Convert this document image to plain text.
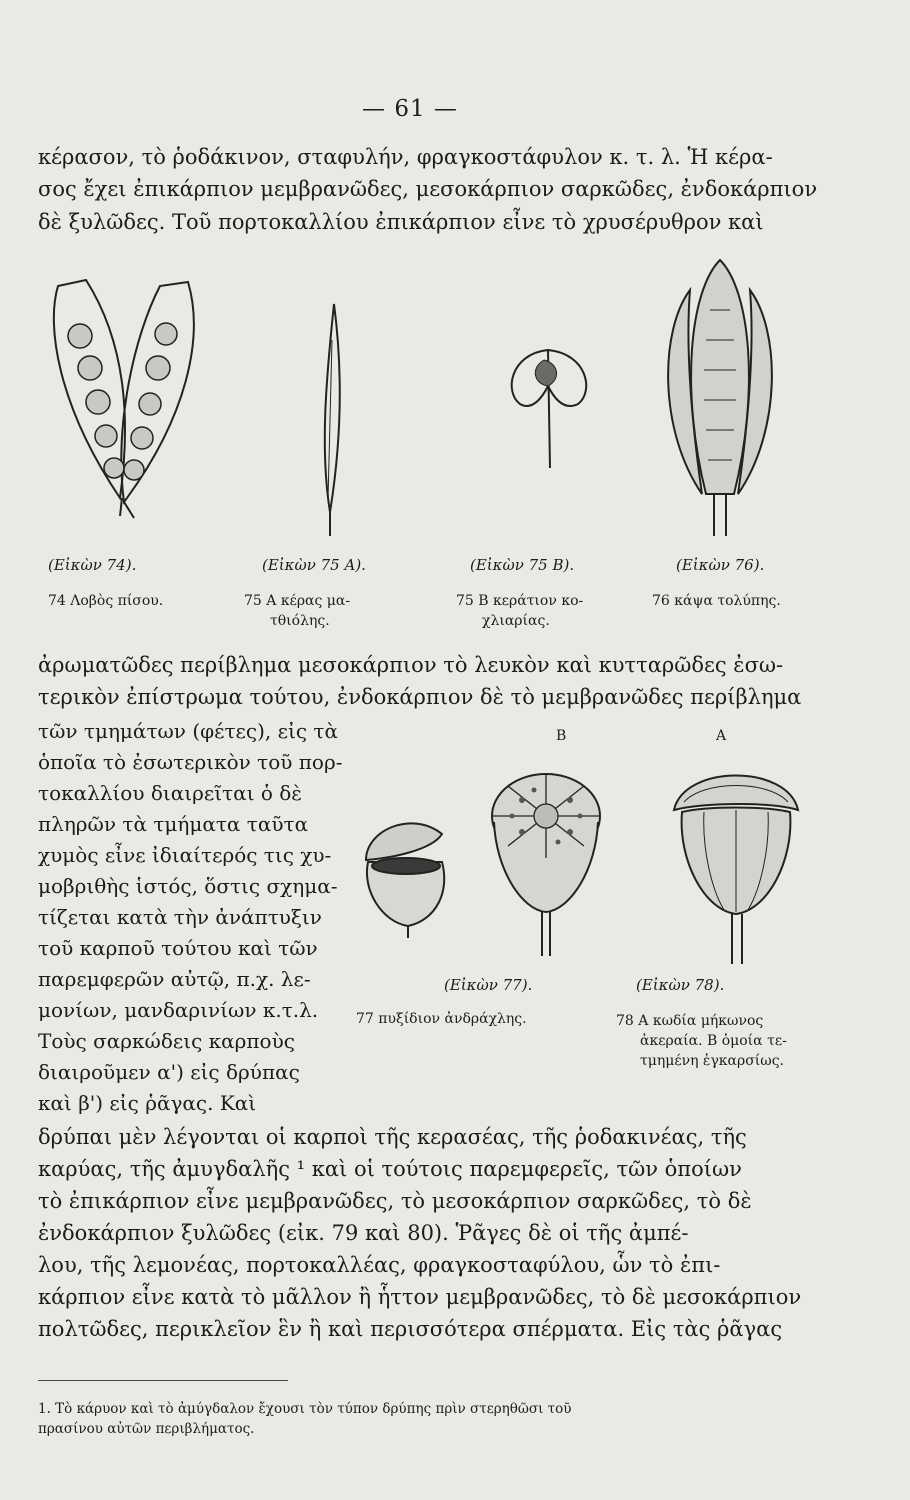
— 61 —
κέρασον, τὸ ῥοδάκινον, σταφυλήν, φραγκοστάφυλον κ. τ. λ. Ἡ κέρα-
σος ἔχει ἐπικάρπιον μεμβρανῶδες, μεσοκάρπιον σαρκῶδες, ἐνδοκάρπιον
δὲ ξυλῶδες. Τοῦ πορτοκαλλίου ἐπικάρπιον εἶνε τὸ χρυσέρυθρον καὶ
(Εἰκὼν 74).
74 Λοβὸς πίσου.
(Εἰκὼν 75 Α).
75 Α κέρας μα-
τθιόλης.
(Εἰκὼν 75 Β).
75 Β κεράτιον κο-
χλιαρίας.
(Εἰκὼν 76).
76 κάψα τολύπης.
ἀρωματῶδες περίβλημα μεσοκάρπιον τὸ λευκὸν καὶ κυτταρῶδες ἐσω-
τερικὸν ἐπίστρωμα τούτου, ἐνδοκάρπιον δὲ τὸ μεμβρανῶδες περίβλημα
τῶν τμημάτων (φέτες), εἰς τὰ
ὁποῖα τὸ ἐσωτερικὸν τοῦ πορ-
τοκαλλίου διαιρεῖται ὁ δὲ
πληρῶν τὰ τμήματα ταῦτα
χυμὸς εἶνε ἰδιαίτερός τις χυ-
μοβριθὴς ἱστός, ὅστις σχημα-
τίζεται κατὰ τὴν ἀνάπτυξιν
τοῦ καρποῦ τούτου καὶ τῶν
παρεμφερῶν αὐτῷ, π.χ. λε-
μονίων, μανδαρινίων κ.τ.λ.
Τοὺς σαρκώδεις καρποὺς
διαιροῦμεν α') εἰς δρύπας
καὶ β') εἰς ῥᾶγας. Καὶ
Β	Α
(Εἰκὼν 77).
77 πυξίδιον ἀνδράχλης.
(Εἰκὼν 78).
78 Α κωδία μήκωνος
ἀκεραία. Β ὁμοία τε-
τμημένη ἐγκαρσίως.
δρύπαι μὲν λέγονται οἱ καρποὶ τῆς κερασέας, τῆς ῥοδακινέας, τῆς
καρύας, τῆς ἀμυγδαλῆς ¹ καὶ οἱ τούτοις παρεμφερεῖς, τῶν ὁποίων
τὸ ἐπικάρπιον εἶνε μεμβρανῶδες, τὸ μεσοκάρπιον σαρκῶδες, τὸ δὲ
ἐνδοκάρπιον ξυλῶδες (εἰκ. 79 καὶ 80). Ῥᾶγες δὲ οἱ τῆς ἀμπέ-
λου, τῆς λεμονέας, πορτοκαλλέας, φραγκοσταφύλου, ὧν τὸ ἐπι-
κάρπιον εἶνε κατὰ τὸ μᾶλλον ἢ ἧττον μεμβρανῶδες, τὸ δὲ μεσοκάρπιον
πολτῶδες, περικλεῖον ἓν ἢ καὶ περισσότερα σπέρματα. Εἰς τὰς ῥᾶγας
1. Τὸ κάρυον καὶ τὸ ἀμύγδαλον ἔχουσι τὸν τύπον δρύπης πρὶν στερηθῶσι τοῦ
πρασίνου αὐτῶν περιβλήματος.
